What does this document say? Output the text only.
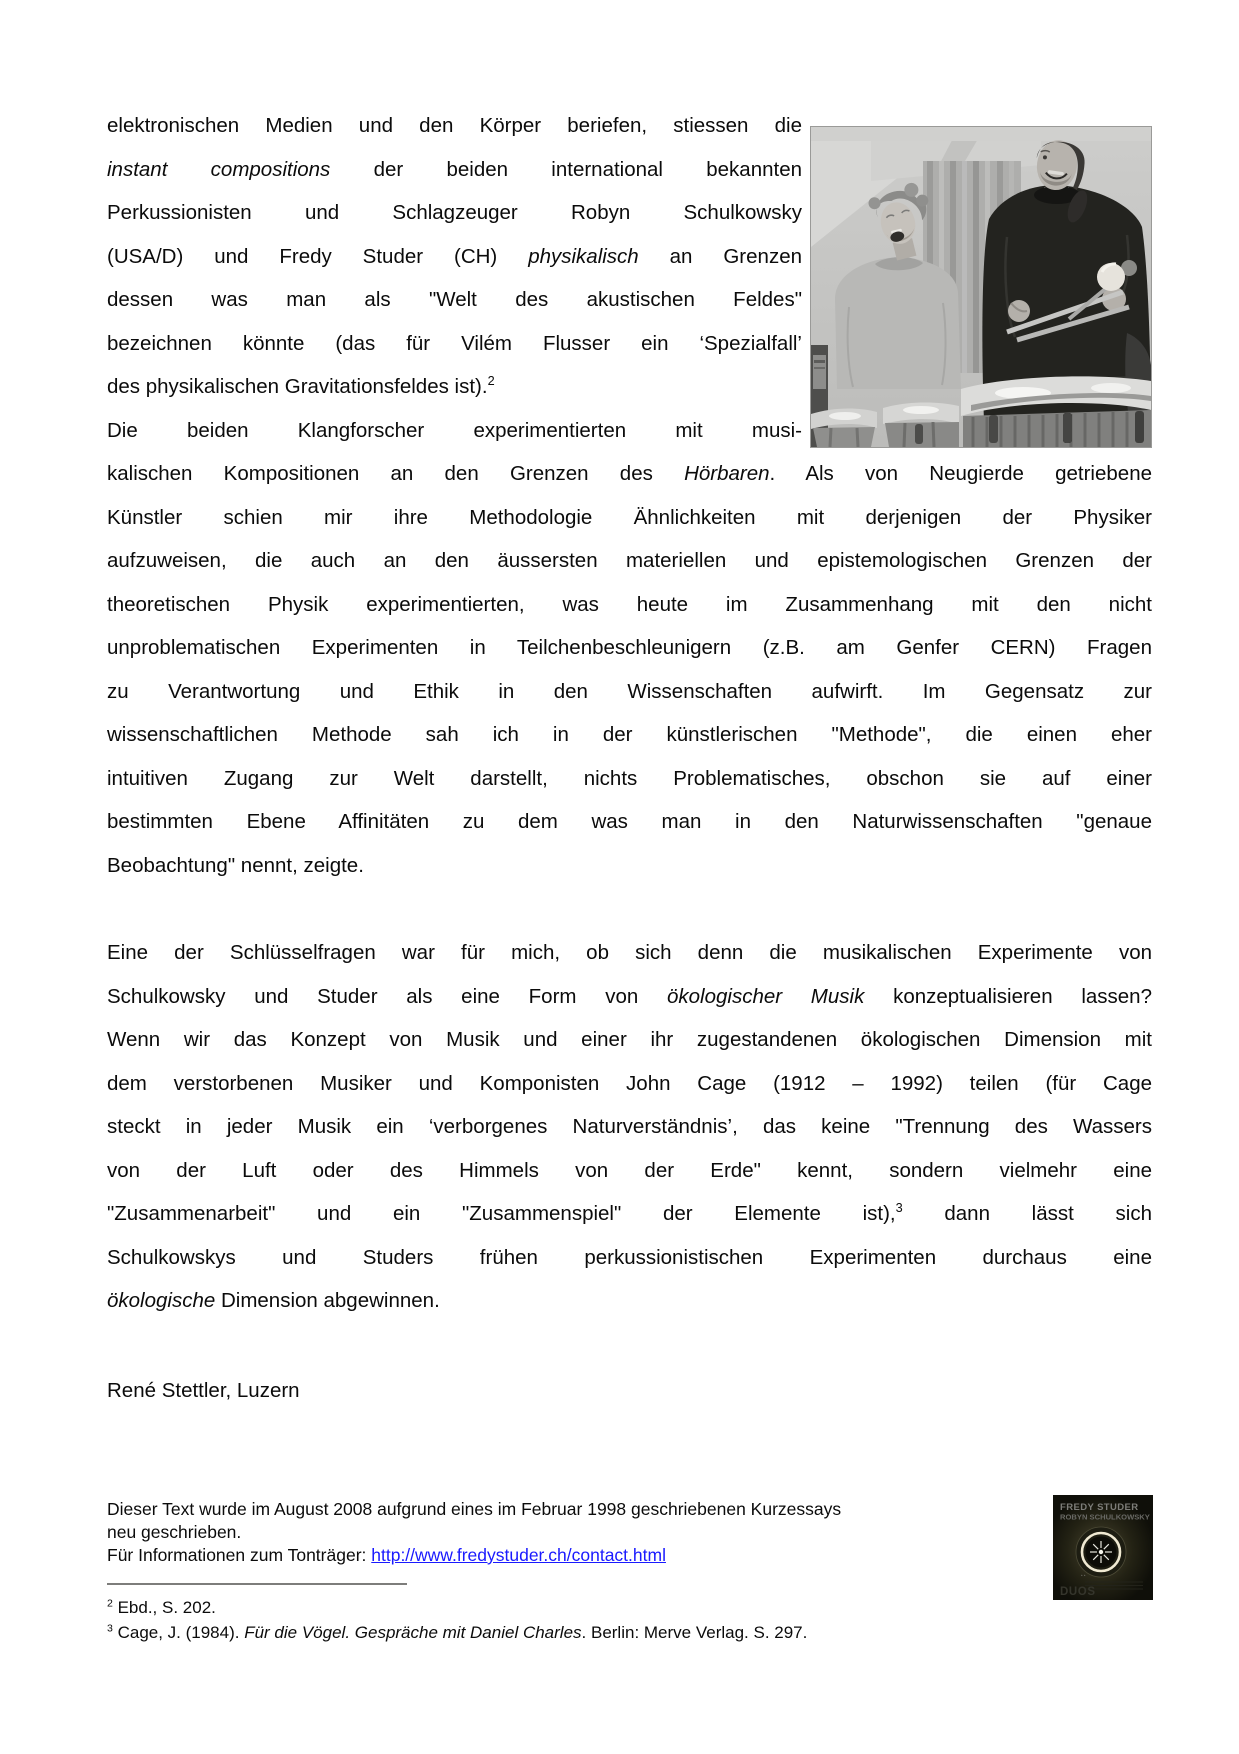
elektronischen Medien und den Körper beriefen, stiessen die
instant compositions der beiden international bekannten
Perkussionisten und Schlagzeuger Robyn Schulkowsky
(USA/D) und Fredy Studer (CH) physikalisch an Grenzen
dessen was man als "Welt des akustischen Feldes"
bezeichnen könnte (das für Vilém Flusser ein ‘Spezialfall’
des physikalischen Gravitationsfeldes ist).$^2$
Die beiden Klangforscher experimentierten mit musi-
kalischen Kompositionen an den Grenzen des Hörbaren. Als von Neugierde getriebene
Künstler schien mir ihre Methodologie Ähnlichkeiten mit derjenigen der Physiker
aufzuweisen, die auch an den äussersten materiellen und epistemologischen Grenzen der
theoretischen Physik experimentierten, was heute im Zusammenhang mit den nicht
unproblematischen Experimenten in Teilchenbeschleunigern (z.B. am Genfer CERN) Fragen
zu Verantwortung und Ethik in den Wissenschaften aufwirft. Im Gegensatz zur
wissenschaftlichen Methode sah ich in der künstlerischen "Methode", die einen eher
intuitiven Zugang zur Welt darstellt, nichts Problematisches, obschon sie auf einer
bestimmten Ebene Affinitäten zu dem was man in den Naturwissenschaften "genaue
Beobachtung" nennt, zeigte.
Eine der Schlüsselfragen war für mich, ob sich denn die musikalischen Experimente von
Schulkowsky und Studer als eine Form von ökologischer Musik konzeptualisieren lassen?
Wenn wir das Konzept von Musik und einer ihr zugestandenen ökologischen Dimension mit
dem verstorbenen Musiker und Komponisten John Cage (1912 – 1992) teilen (für Cage
steckt in jeder Musik ein ‘verborgenes Naturverständnis’, das keine "Trennung des Wassers
von der Luft oder des Himmels von der Erde" kennt, sondern vielmehr eine
"Zusammenarbeit" und ein "Zusammenspiel" der Elemente ist),$^3$ dann lässt sich
Schulkowskys und Studers frühen perkussionistischen Experimenten durchaus eine
ökologische Dimension abgewinnen.
René Stettler, Luzern
Dieser Text wurde im August 2008 aufgrund eines im Februar 1998 geschriebenen Kurzessays
neu geschrieben.
Für Informationen zum Tonträger: http://www.fredystuder.ch/contact.html
$^2$ Ebd., S. 202.
$^3$ Cage, J. (1984). Für die Vögel. Gespräche mit Daniel Charles. Berlin: Merve Verlag. S. 297.
FREDY STUDER
ROBYN SCHULKOWSKY
• •
DUOS
